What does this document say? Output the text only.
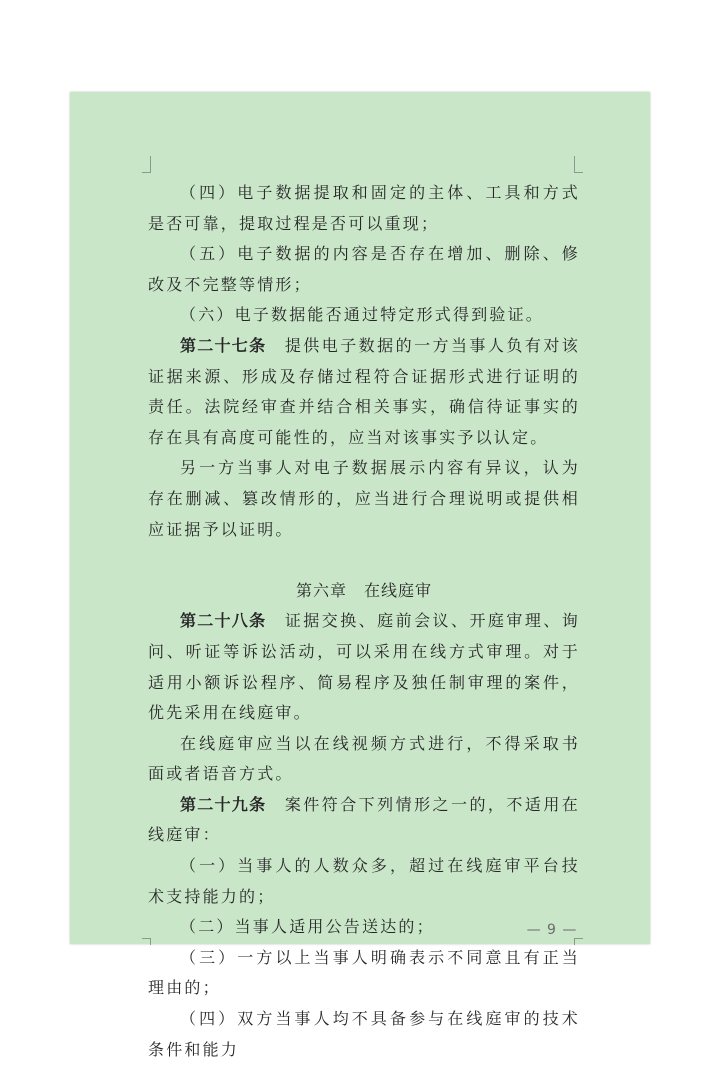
（四）电子数据提取和固定的主体、工具和方式是否可靠，提取过程是否可以重现；

（五）电子数据的内容是否存在增加、删除、修改及不完整等情形；

（六）电子数据能否通过特定形式得到验证。

第二十七条　 提供电子数据的一方当事人负有对该证据来源、形成及存储过程符合证据形式进行证明的责任。法院经审查并结合相关事实，确信待证事实的存在具有高度可能性的，应当对该事实予以认定。

另一方当事人对电子数据展示内容有异议，认为存在删减、篡改情形的，应当进行合理说明或提供相应证据予以证明。

第六章　在线庭审

第二十八条　 证据交换、庭前会议、开庭审理、询问、听证等诉讼活动，可以采用在线方式审理。对于适用小额诉讼程序、简易程序及独任制审理的案件，优先采用在线庭审。

在线庭审应当以在线视频方式进行，不得采取书面或者语音方式。

第二十九条　 案件符合下列情形之一的，不适用在线庭审：

（一）当事人的人数众多，超过在线庭审平台技术支持能力的；

（二）当事人适用公告送达的；

（三）一方以上当事人明确表示不同意且有正当理由的；

（四）双方当事人均不具备参与在线庭审的技术条件和能力

— 9 —
